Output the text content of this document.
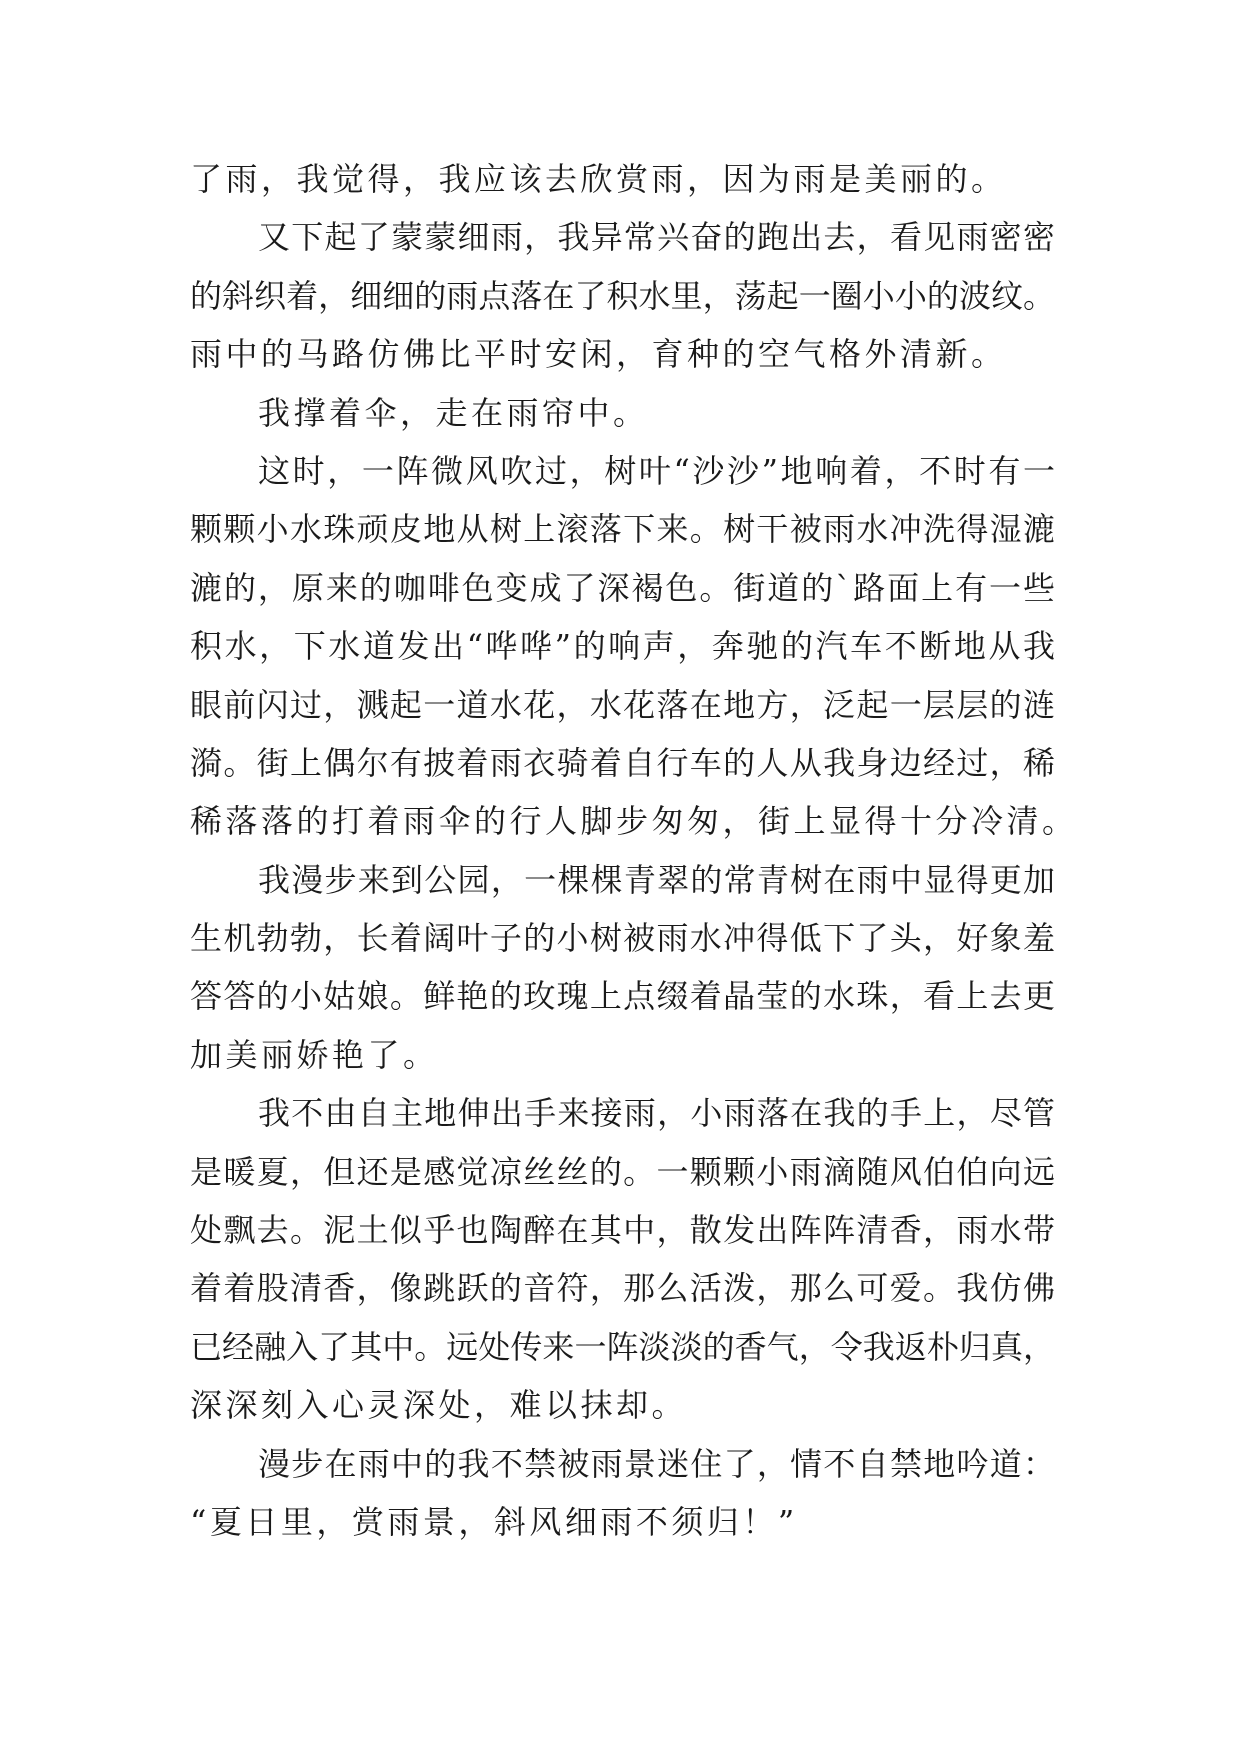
了雨，我觉得，我应该去欣赏雨，因为雨是美丽的。
又下起了蒙蒙细雨，我异常兴奋的跑出去，看见雨密密
的斜织着，细细的雨点落在了积水里，荡起一圈小小的波纹。
雨中的马路仿佛比平时安闲，育种的空气格外清新。
我撑着伞，走在雨帘中。
这时，一阵微风吹过，树叶“沙沙”地响着，不时有一
颗颗小水珠顽皮地从树上滚落下来。树干被雨水冲洗得湿漉
漉的，原来的咖啡色变成了深褐色。街道的`路面上有一些
积水，下水道发出“哗哗”的响声，奔驰的汽车不断地从我
眼前闪过，溅起一道水花，水花落在地方，泛起一层层的涟
漪。街上偶尔有披着雨衣骑着自行车的人从我身边经过，稀
稀落落的打着雨伞的行人脚步匆匆，街上显得十分冷清。
我漫步来到公园，一棵棵青翠的常青树在雨中显得更加
生机勃勃，长着阔叶子的小树被雨水冲得低下了头，好象羞
答答的小姑娘。鲜艳的玫瑰上点缀着晶莹的水珠，看上去更
加美丽娇艳了。
我不由自主地伸出手来接雨，小雨落在我的手上，尽管
是暖夏，但还是感觉凉丝丝的。一颗颗小雨滴随风伯伯向远
处飘去。泥土似乎也陶醉在其中，散发出阵阵清香，雨水带
着着股清香，像跳跃的音符，那么活泼，那么可爱。我仿佛
已经融入了其中。远处传来一阵淡淡的香气，令我返朴归真，
深深刻入心灵深处，难以抹却。
漫步在雨中的我不禁被雨景迷住了，情不自禁地吟道：
“夏日里，赏雨景，斜风细雨不须归！”
